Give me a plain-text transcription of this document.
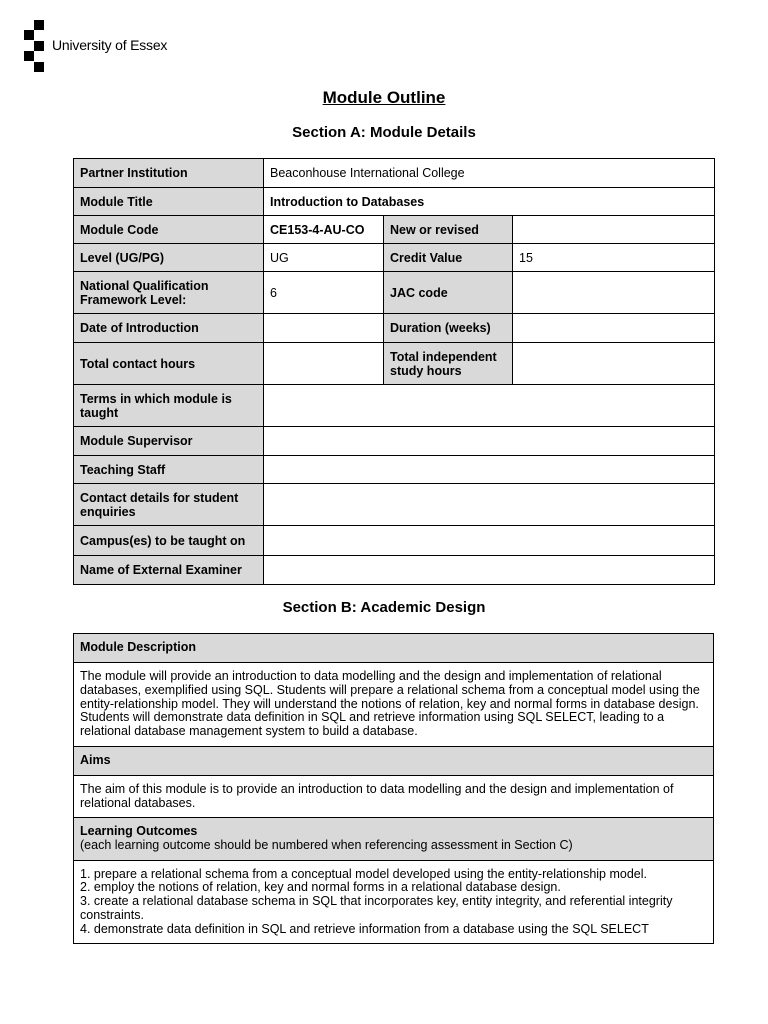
University of Essex
Module Outline
Section A: Module Details
Partner Institution	Beaconhouse International College		
Module Title	Introduction to Databases		
Module Code	CE153-4-AU-CO	New or revised	
Level (UG/PG)	UG	Credit Value	15
National Qualification Framework Level:	6	JAC code	
Date of Introduction		Duration (weeks)	
Total contact hours		Total independent study hours	
Terms in which module is taught			
Module Supervisor			
Teaching Staff			
Contact details for student enquiries			
Campus(es) to be taught on			
Name of External Examiner			
Section B: Academic Design
Module Description
The module will provide an introduction to data modelling and the design and implementation of relational databases, exemplified using SQL. Students will prepare a relational schema from a conceptual model using the entity-relationship model. They will understand the notions of relation, key and normal forms in database design. Students will demonstrate data definition in SQL and retrieve information using SQL SELECT, leading to a relational database management system to build a database.
Aims
The aim of this module is to provide an introduction to data modelling and the design and implementation of relational databases.
Learning Outcomes
(each learning outcome should be numbered when referencing assessment in Section C)

1. prepare a relational schema from a conceptual model developed using the entity-relationship model.
2. employ the notions of relation, key and normal forms in a relational database design.
3. create a relational database schema in SQL that incorporates key, entity integrity, and referential integrity constraints.
4. demonstrate data definition in SQL and retrieve information from a database using the SQL SELECT
